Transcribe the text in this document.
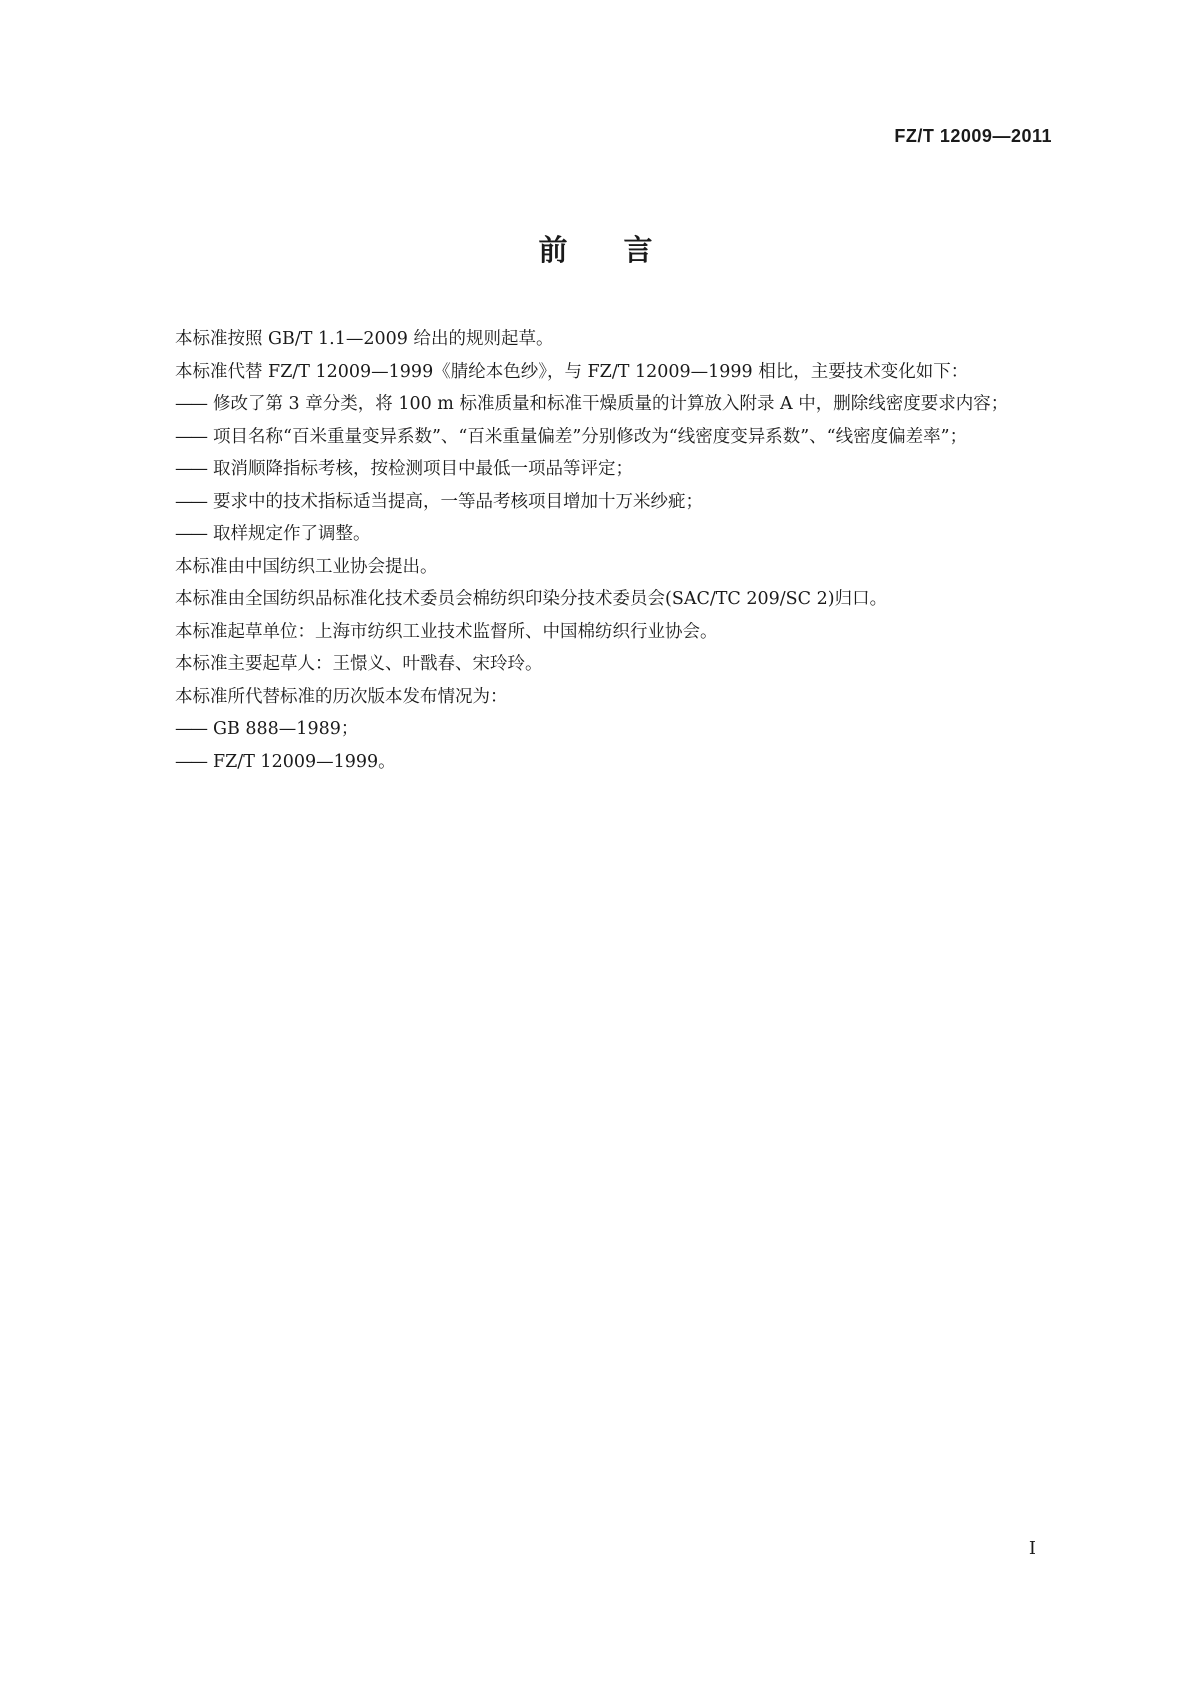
FZ/T 12009—2011
前言
本标准按照 GB/T 1.1—2009 给出的规则起草。
本标准代替 FZ/T 12009—1999《腈纶本色纱》，与 FZ/T 12009—1999 相比，主要技术变化如下：
—— 修改了第 3 章分类，将 100 m 标准质量和标准干燥质量的计算放入附录 A 中，删除线密度要求内容；
—— 项目名称“百米重量变异系数”、“百米重量偏差”分别修改为“线密度变异系数”、“线密度偏差率”；
—— 取消顺降指标考核，按检测项目中最低一项品等评定；
—— 要求中的技术指标适当提高，一等品考核项目增加十万米纱疵；
—— 取样规定作了调整。
本标准由中国纺织工业协会提出。
本标准由全国纺织品标准化技术委员会棉纺织印染分技术委员会(SAC/TC 209/SC 2)归口。
本标准起草单位：上海市纺织工业技术监督所、中国棉纺织行业协会。
本标准主要起草人：王憬义、叶戬春、宋玲玲。
本标准所代替标准的历次版本发布情况为：
—— GB 888—1989；
—— FZ/T 12009—1999。
I
